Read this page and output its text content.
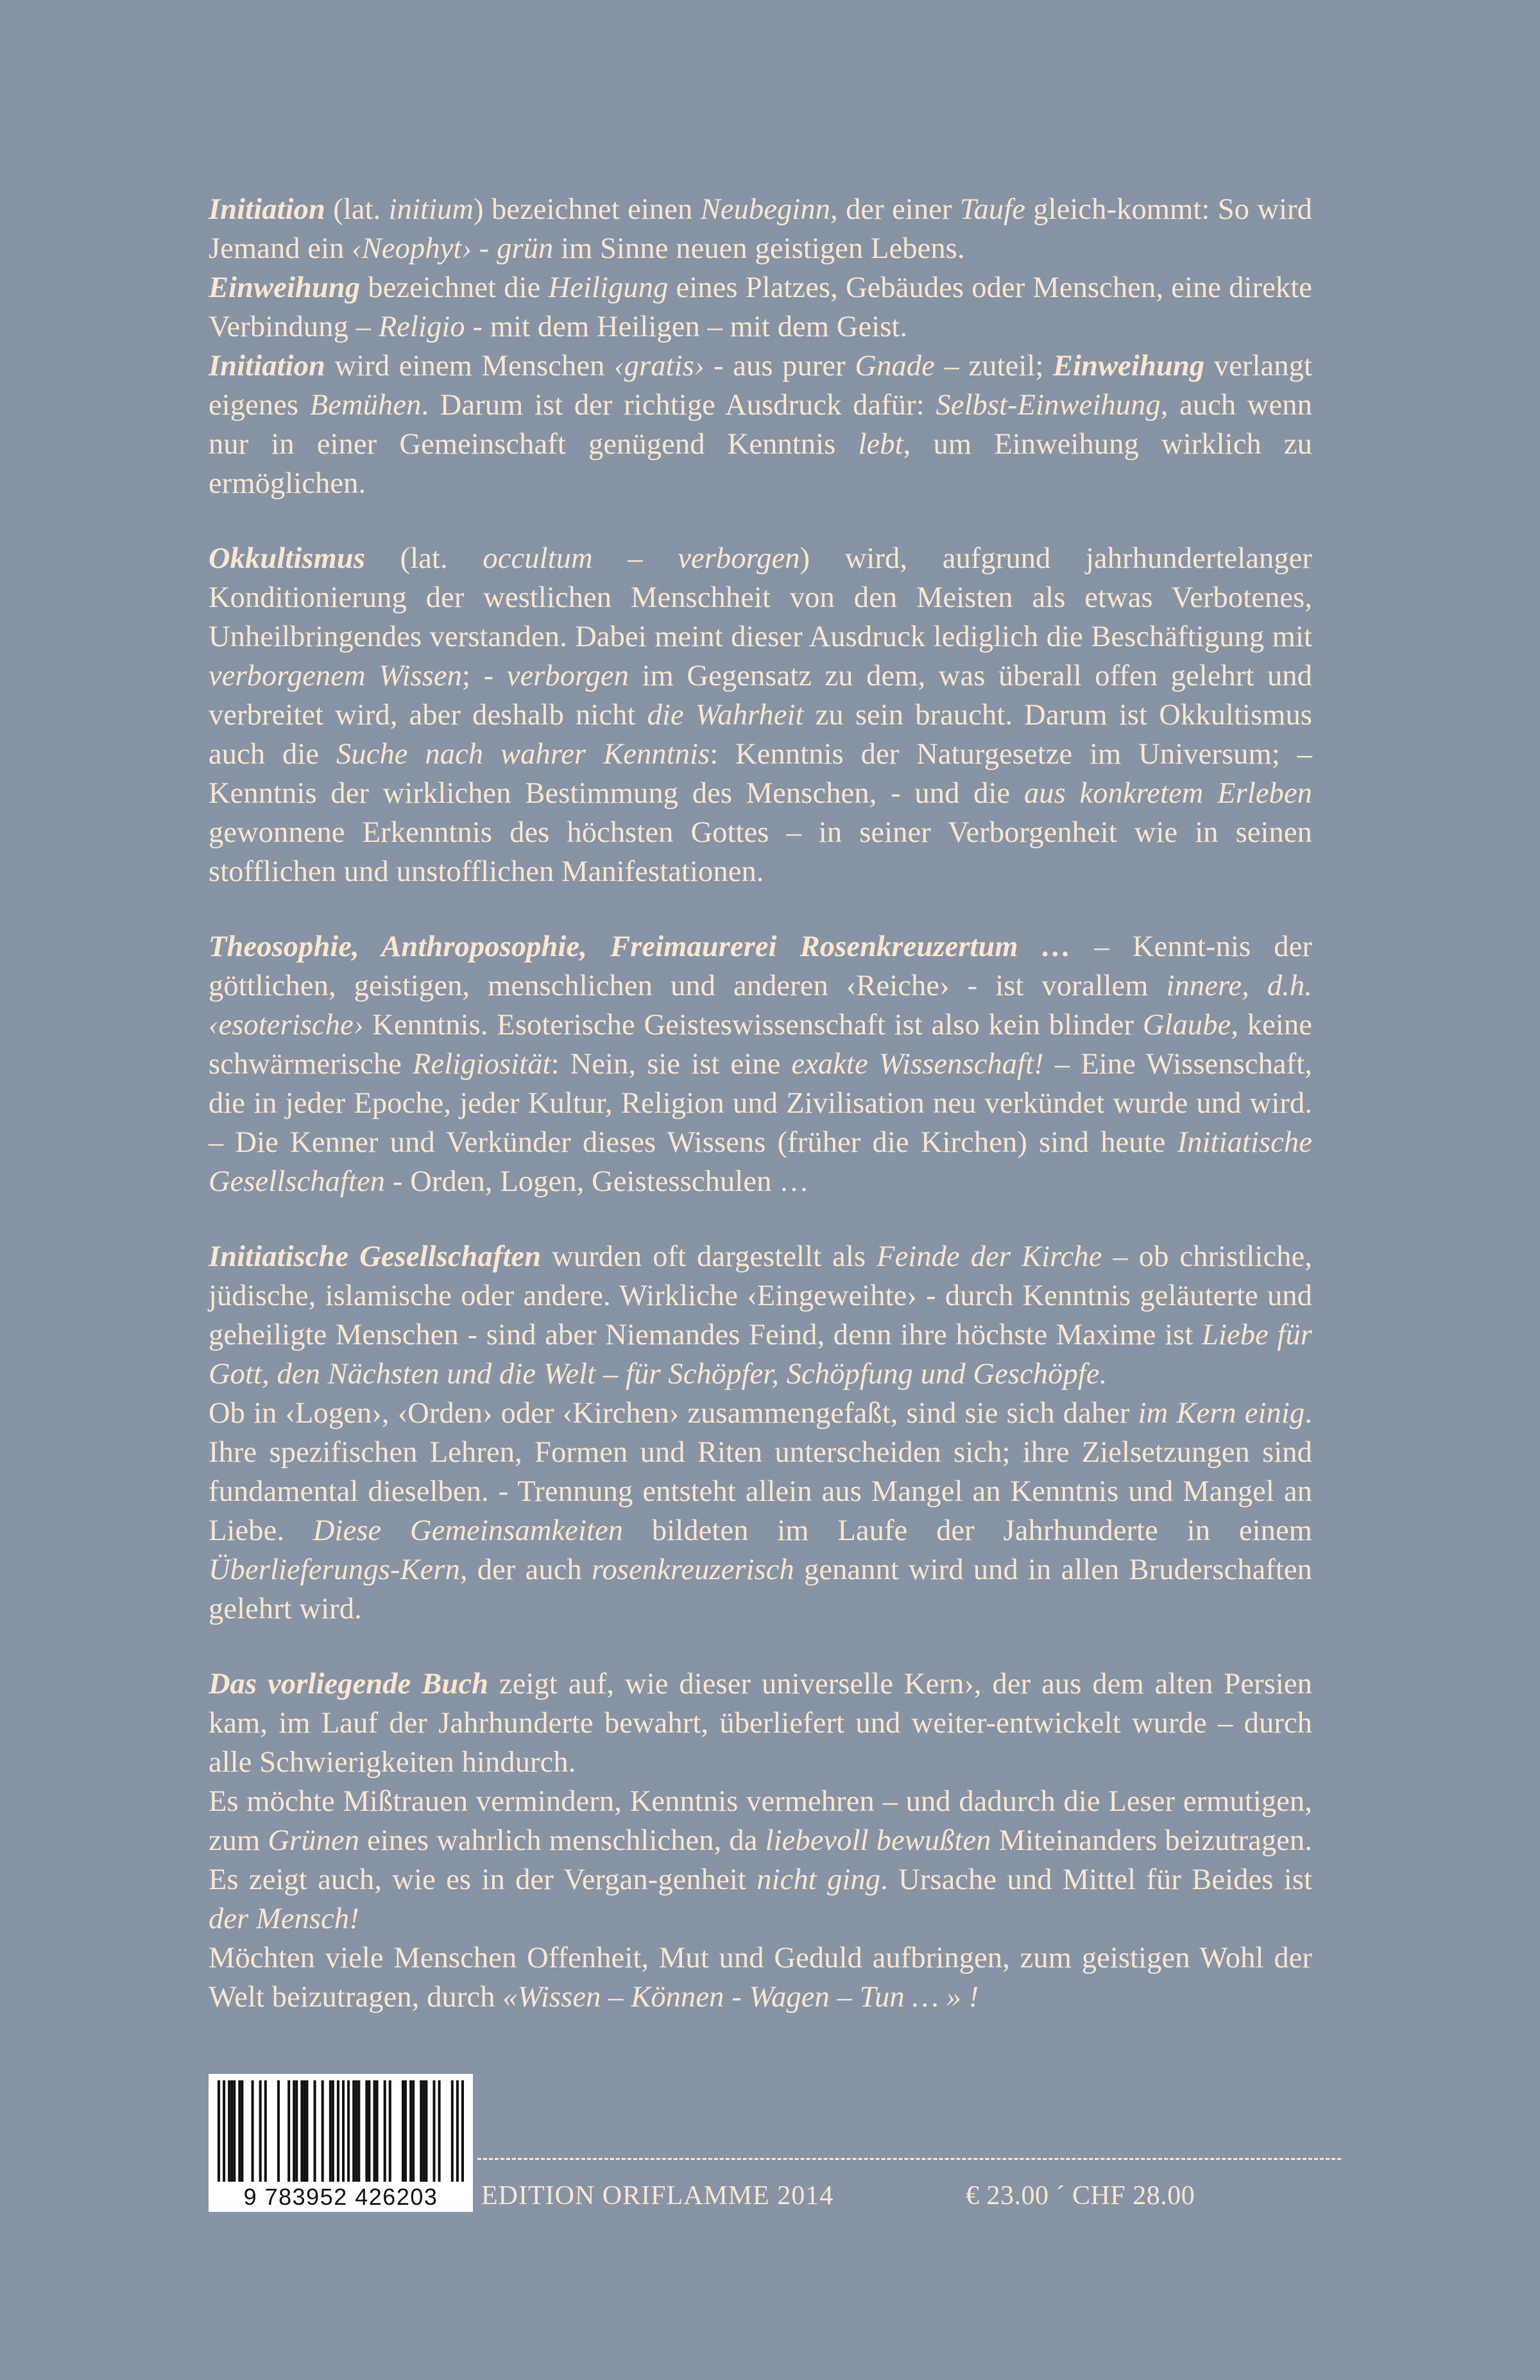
Initiation (lat. initium) bezeichnet einen Neubeginn, der einer Taufe gleich-kommt: So wird Jemand ein ‹Neophyt› - grün im Sinne neuen geistigen Lebens.

Einweihung bezeichnet die Heiligung eines Platzes, Gebäudes oder Menschen, eine direkte Verbindung – Religio - mit dem Heiligen – mit dem Geist.

Initiation wird einem Menschen ‹gratis› - aus purer Gnade – zuteil; Einweihung verlangt eigenes Bemühen. Darum ist der richtige Ausdruck dafür: Selbst-Einweihung, auch wenn nur in einer Gemeinschaft genügend Kenntnis lebt, um Einweihung wirklich zu ermöglichen.

Okkultismus (lat. occultum – verborgen) wird, aufgrund jahrhundertelanger Konditionierung der westlichen Menschheit von den Meisten als etwas Verbotenes, Unheilbringendes verstanden. Dabei meint dieser Ausdruck lediglich die Beschäftigung mit verborgenem Wissen; - verborgen im Gegensatz zu dem, was überall offen gelehrt und verbreitet wird, aber deshalb nicht die Wahrheit zu sein braucht. Darum ist Okkultismus auch die Suche nach wahrer Kenntnis: Kenntnis der Naturgesetze im Universum; – Kenntnis der wirklichen Bestimmung des Menschen, - und die aus konkretem Erleben gewonnene Erkenntnis des höchsten Gottes – in seiner Verborgenheit wie in seinen stofflichen und unstofflichen Manifestationen.

Theosophie, Anthroposophie, Freimaurerei Rosenkreuzertum … – Kennt-nis der göttlichen, geistigen, menschlichen und anderen ‹Reiche› - ist vorallem innere, d.h. ‹esoterische› Kenntnis. Esoterische Geisteswissenschaft ist also kein blinder Glaube, keine schwärmerische Religiosität: Nein, sie ist eine exakte Wissenschaft! – Eine Wissenschaft, die in jeder Epoche, jeder Kultur, Religion und Zivilisation neu verkündet wurde und wird. – Die Kenner und Verkünder dieses Wissens (früher die Kirchen) sind heute Initiatische Gesellschaften - Orden, Logen, Geistesschulen …

Initiatische Gesellschaften wurden oft dargestellt als Feinde der Kirche – ob christliche, jüdische, islamische oder andere. Wirkliche ‹Eingeweihte› - durch Kenntnis geläuterte und geheiligte Menschen - sind aber Niemandes Feind, denn ihre höchste Maxime ist Liebe für Gott, den Nächsten und die Welt – für Schöpfer, Schöpfung und Geschöpfe.

Ob in ‹Logen›, ‹Orden› oder ‹Kirchen› zusammengefaßt, sind sie sich daher im Kern einig. Ihre spezifischen Lehren, Formen und Riten unterscheiden sich; ihre Zielsetzungen sind fundamental dieselben. - Trennung entsteht allein aus Mangel an Kenntnis und Mangel an Liebe. Diese Gemeinsamkeiten bildeten im Laufe der Jahrhunderte in einem Überlieferungs-Kern, der auch rosenkreuzerisch genannt wird und in allen Bruderschaften gelehrt wird.

Das vorliegende Buch zeigt auf, wie dieser universelle Kern›, der aus dem alten Persien kam, im Lauf der Jahrhunderte bewahrt, überliefert und weiter-entwickelt wurde – durch alle Schwierigkeiten hindurch.

Es möchte Mißtrauen vermindern, Kenntnis vermehren – und dadurch die Leser ermutigen, zum Grünen eines wahrlich menschlichen, da liebevoll bewußten Miteinanders beizutragen. Es zeigt auch, wie es in der Vergan-genheit nicht ging. Ursache und Mittel für Beides ist der Mensch!

Möchten viele Menschen Offenheit, Mut und Geduld aufbringen, zum geistigen Wohl der Welt beizutragen, durch «Wissen – Können - Wagen – Tun … » !

9 783952 426203	EDITION ORIFLAMME 2014	€ 23.00 ´ CHF 28.00
